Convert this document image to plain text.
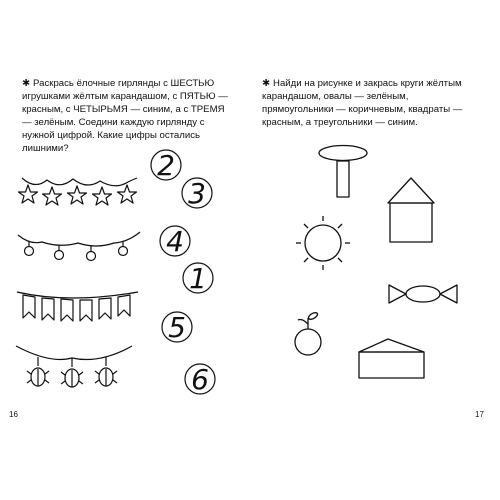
✱ Раскрась ёлочные гирлянды с ШЕСТЬЮ игрушками жёлтым карандашом, с ПЯТЬЮ — красным, с ЧЕТЫРЬМЯ — синим, а с ТРЕМЯ — зелёным. Соедини каждую гирлянду с нужной цифрой. Какие цифры остались лишними?

2
3
4
1
5
6
16

✱ Найди на рисунке и закрась круги жёлтым карандашом, овалы — зелёным, прямоугольники — коричневым, квадраты — красным, а треугольники — синим.

17
